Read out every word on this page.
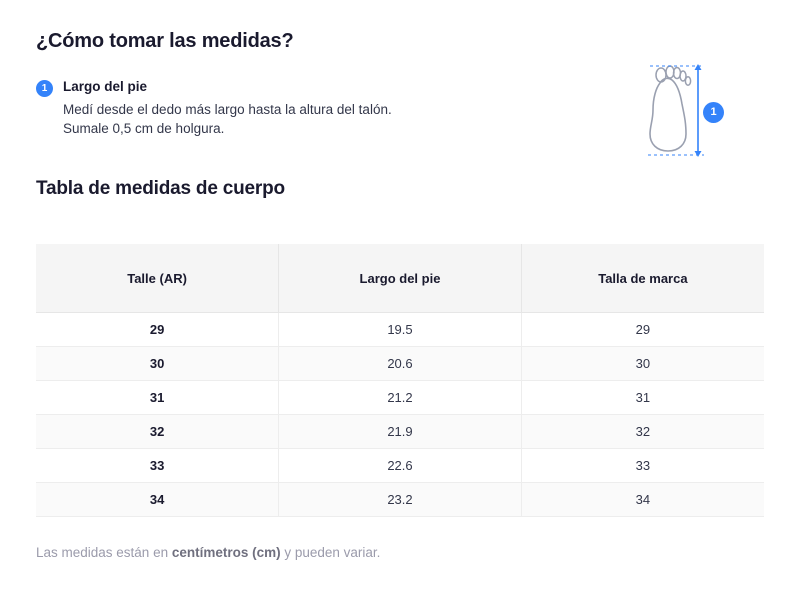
¿Cómo tomar las medidas?
1	Largo del pie
Medí desde el dedo más largo hasta la altura del talón. Sumale 0,5 cm de holgura.
1
Tabla de medidas de cuerpo
Talle (AR)	Largo del pie	Talla de marca
29	19.5	29
30	20.6	30
31	21.2	31
32	21.9	32
33	22.6	33
34	23.2	34

Las medidas están en centímetros (cm) y pueden variar.
